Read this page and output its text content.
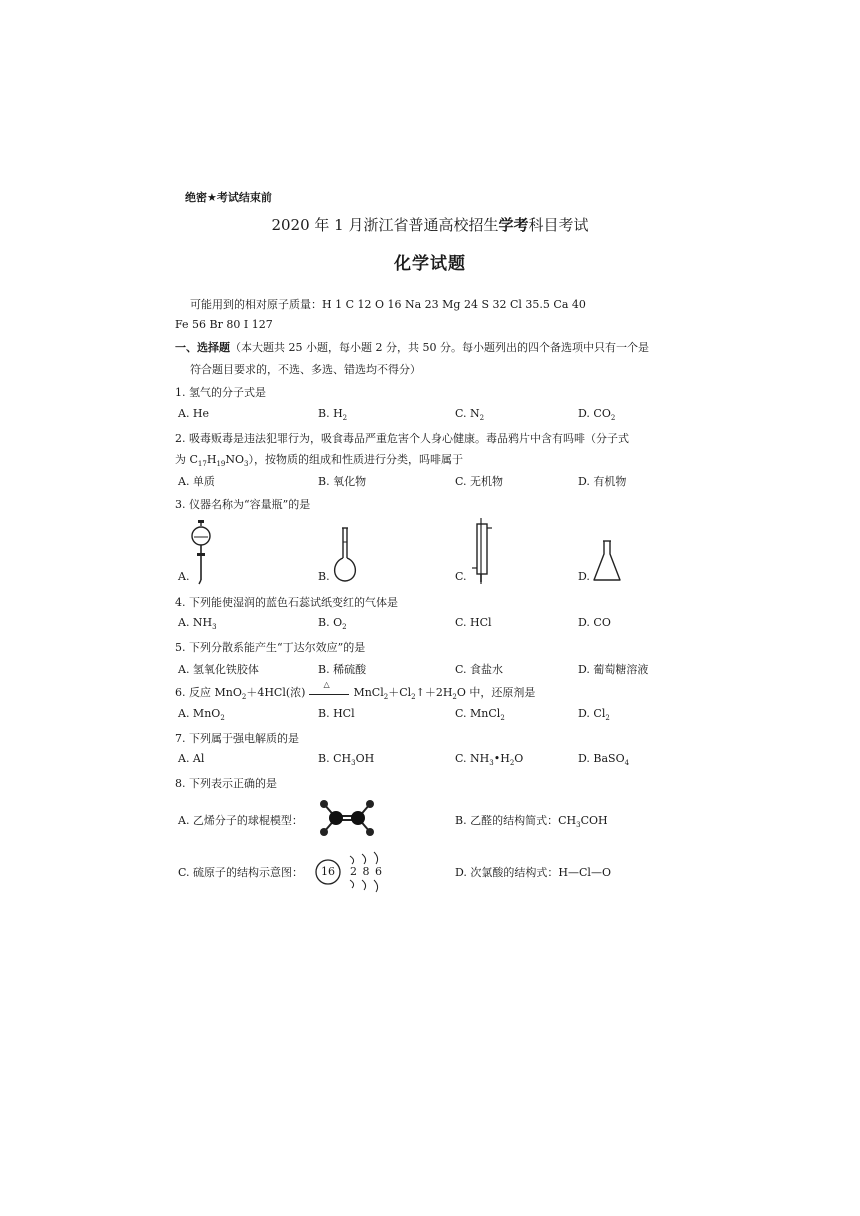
绝密★考试结束前
2020 年 1 月浙江省普通高校招生学考科目考试
化学试题
可能用到的相对原子质量：H 1 C 12 O 16 Na 23 Mg 24 S 32 Cl 35.5 Ca 40
Fe 56 Br 80 I 127
一、选择题（本大题共 25 小题，每小题 2 分，共 50 分。每小题列出的四个备选项中只有一个是
符合题目要求的，不选、多选、错选均不得分）
1. 氢气的分子式是
A. He	B. $H_2$	C. $N_2$	D. $CO_2$
2. 吸毒贩毒是违法犯罪行为，吸食毒品严重危害个人身心健康。毒品鸦片中含有吗啡（分子式
为 $C_{17}H_{19}NO_3$），按物质的组成和性质进行分类，吗啡属于
A. 单质	B. 氧化物	C. 无机物	D. 有机物
3. 仪器名称为“容量瓶”的是
A.	B.	C.	D.
4. 下列能使湿润的蓝色石蕊试纸变红的气体是
A. $NH_3$	B. $O_2$	C. HCl	D. CO
5. 下列分散系能产生“丁达尔效应”的是
A. 氢氧化铁胶体	B. 稀硫酸	C. 食盐水	D. 葡萄糖溶液
6. 反应 MnO$_2$＋4HCl(浓)
△
$MnCl_2+Cl_2↑+2H_2O$ 中，还原剂是
A. MnO$_2$	B. HCl	C. MnCl$_2$	D. $Cl_2$
7. 下列属于强电解质的是
A. Al	B. $CH_3OH$	C. $NH_3•H_2O$	D. BaSO$_4$
8. 下列表示正确的是
A. 乙烯分子的球棍模型：	B. 乙醛的结构简式：$CH_3COH$
C. 硫原子的结构示意图： 16 2 8 6	D. 次氯酸的结构式：H—Cl—O
